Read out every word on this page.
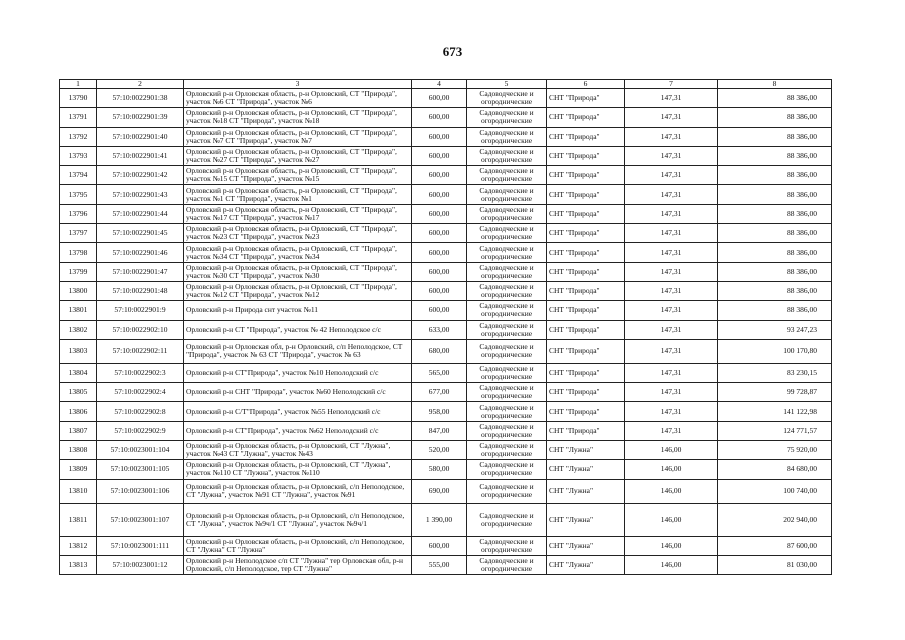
673
1	2	3	4	5	6	7	8
13790	57:10:0022901:38	Орловский р-н Орловская область, р-н Орловский, СТ "Природа", участок №6 СТ "Природа", участок №6	600,00	Садоводческие и огороднические	СНТ "Природа"	147,31	88 386,00
13791	57:10:0022901:39	Орловский р-н Орловская область, р-н Орловский, СТ "Природа", участок №18 СТ "Природа", участок №18	600,00	Садоводческие и огороднические	СНТ "Природа"	147,31	88 386,00
13792	57:10:0022901:40	Орловский р-н Орловская область, р-н Орловский, СТ "Природа", участок №7 СТ "Природа", участок №7	600,00	Садоводческие и огороднические	СНТ "Природа"	147,31	88 386,00
13793	57:10:0022901:41	Орловский р-н Орловская область, р-н Орловский, СТ "Природа", участок №27 СТ "Природа", участок №27	600,00	Садоводческие и огороднические	СНТ "Природа"	147,31	88 386,00
13794	57:10:0022901:42	Орловский р-н Орловская область, р-н Орловский, СТ "Природа", участок №15 СТ "Природа", участок №15	600,00	Садоводческие и огороднические	СНТ "Природа"	147,31	88 386,00
13795	57:10:0022901:43	Орловский р-н Орловская область, р-н Орловский, СТ "Природа", участок №1 СТ "Природа", участок №1	600,00	Садоводческие и огороднические	СНТ "Природа"	147,31	88 386,00
13796	57:10:0022901:44	Орловский р-н Орловская область, р-н Орловский, СТ "Природа", участок №17 СТ "Природа", участок №17	600,00	Садоводческие и огороднические	СНТ "Природа"	147,31	88 386,00
13797	57:10:0022901:45	Орловский р-н Орловская область, р-н Орловский, СТ "Природа", участок №23 СТ "Природа", участок №23	600,00	Садоводческие и огороднические	СНТ "Природа"	147,31	88 386,00
13798	57:10:0022901:46	Орловский р-н Орловская область, р-н Орловский, СТ "Природа", участок №34 СТ "Природа", участок №34	600,00	Садоводческие и огороднические	СНТ "Природа"	147,31	88 386,00
13799	57:10:0022901:47	Орловский р-н Орловская область, р-н Орловский, СТ "Природа", участок №30 СТ "Природа", участок №30	600,00	Садоводческие и огороднические	СНТ "Природа"	147,31	88 386,00
13800	57:10:0022901:48	Орловский р-н Орловская область, р-н Орловский, СТ "Природа", участок №12 СТ "Природа", участок №12	600,00	Садоводческие и огороднические	СНТ "Природа"	147,31	88 386,00
13801	57:10:0022901:9	Орловский р-н Природа снт участок №11	600,00	Садоводческие и огороднические	СНТ "Природа"	147,31	88 386,00
13802	57:10:0022902:10	Орловский р-н СТ "Природа", участок № 42 Неполодское с/с	633,00	Садоводческие и огороднические	СНТ "Природа"	147,31	93 247,23
13803	57:10:0022902:11	Орловский р-н Орловская обл, р-н Орловский, с/п Неполодское, СТ "Природа", участок № 63 СТ "Природа", участок № 63	680,00	Садоводческие и огороднические	СНТ "Природа"	147,31	100 170,80
13804	57:10:0022902:3	Орловский р-н СТ"Природа", участок №10 Неполодский с/с	565,00	Садоводческие и огороднические	СНТ "Природа"	147,31	83 230,15
13805	57:10:0022902:4	Орловский р-н СНТ "Природа", участок №60 Неполодский с/с	677,00	Садоводческие и огороднические	СНТ "Природа"	147,31	99 728,87
13806	57:10:0022902:8	Орловский р-н С/Т"Природа", участок №55 Неполодский с/с	958,00	Садоводческие и огороднические	СНТ "Природа"	147,31	141 122,98
13807	57:10:0022902:9	Орловский р-н СТ"Природа", участок №62 Неполодский с/с	847,00	Садоводческие и огороднические	СНТ "Природа"	147,31	124 771,57
13808	57:10:0023001:104	Орловский р-н Орловская область, р-н Орловский, СТ "Лужна", участок №43 СТ "Лужна", участок №43	520,00	Садоводческие и огороднические	СНТ "Лужна"	146,00	75 920,00
13809	57:10:0023001:105	Орловский р-н Орловская область, р-н Орловский, СТ "Лужна", участок №110 СТ "Лужна", участок №110	580,00	Садоводческие и огороднические	СНТ "Лужна"	146,00	84 680,00
13810	57:10:0023001:106	Орловский р-н Орловская область, р-н Орловский, с/п Неполодское, СТ "Лужна", участок №91 СТ "Лужна", участок №91	690,00	Садоводческие и огороднические	СНТ "Лужна"	146,00	100 740,00
13811	57:10:0023001:107	Орловский р-н Орловская область, р-н Орловский, с/п Неполодское, СТ "Лужна", участок №9ч/1 СТ "Лужна", участок №9ч/1	1 390,00	Садоводческие и огороднические	СНТ "Лужна"	146,00	202 940,00
13812	57:10:0023001:111	Орловский р-н Орловская область, р-н Орловский, с/п Неполодское, СТ "Лужна" СТ "Лужна"	600,00	Садоводческие и огороднические	СНТ "Лужна"	146,00	87 600,00
13813	57:10:0023001:12	Орловский р-н Неполодское с/п СТ "Лужна" тер Орловская обл, р-н Орловский, с/п Неполодское, тер СТ "Лужна"	555,00	Садоводческие и огороднические	СНТ "Лужна"	146,00	81 030,00
